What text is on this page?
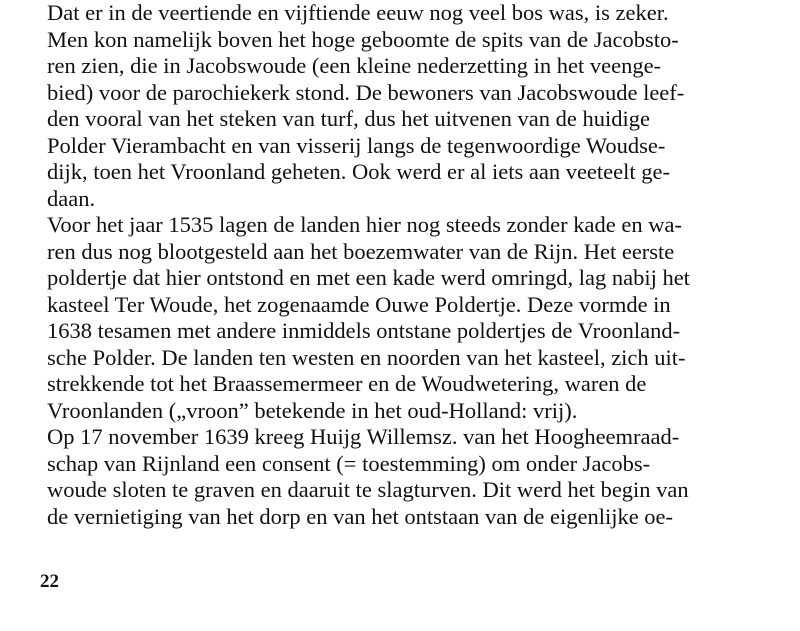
Dat er in de veertiende en vijftiende eeuw nog veel bos was, is zeker.
Men kon namelijk boven het hoge geboomte de spits van de Jacobsto-
ren zien, die in Jacobswoude (een kleine nederzetting in het veenge-
bied) voor de parochiekerk stond. De bewoners van Jacobswoude leef-
den vooral van het steken van turf, dus het uitvenen van de huidige
Polder Vierambacht en van visserij langs de tegenwoordige Woudse-
dijk, toen het Vroonland geheten. Ook werd er al iets aan veeteelt ge-
daan.
Voor het jaar 1535 lagen de landen hier nog steeds zonder kade en wa-
ren dus nog blootgesteld aan het boezemwater van de Rijn. Het eerste
poldertje dat hier ontstond en met een kade werd omringd, lag nabij het
kasteel Ter Woude, het zogenaamde Ouwe Poldertje. Deze vormde in
1638 tesamen met andere inmiddels ontstane poldertjes de Vroonland-
sche Polder. De landen ten westen en noorden van het kasteel, zich uit-
strekkende tot het Braassemermeer en de Woudwetering, waren de
Vroonlanden („vroon” betekende in het oud-Holland: vrij).
Op 17 november 1639 kreeg Huijg Willemsz. van het Hoogheemraad-
schap van Rijnland een consent (= toestemming) om onder Jacobs-
woude sloten te graven en daaruit te slagturven. Dit werd het begin van
de vernietiging van het dorp en van het ontstaan van de eigenlijke oe-
22
